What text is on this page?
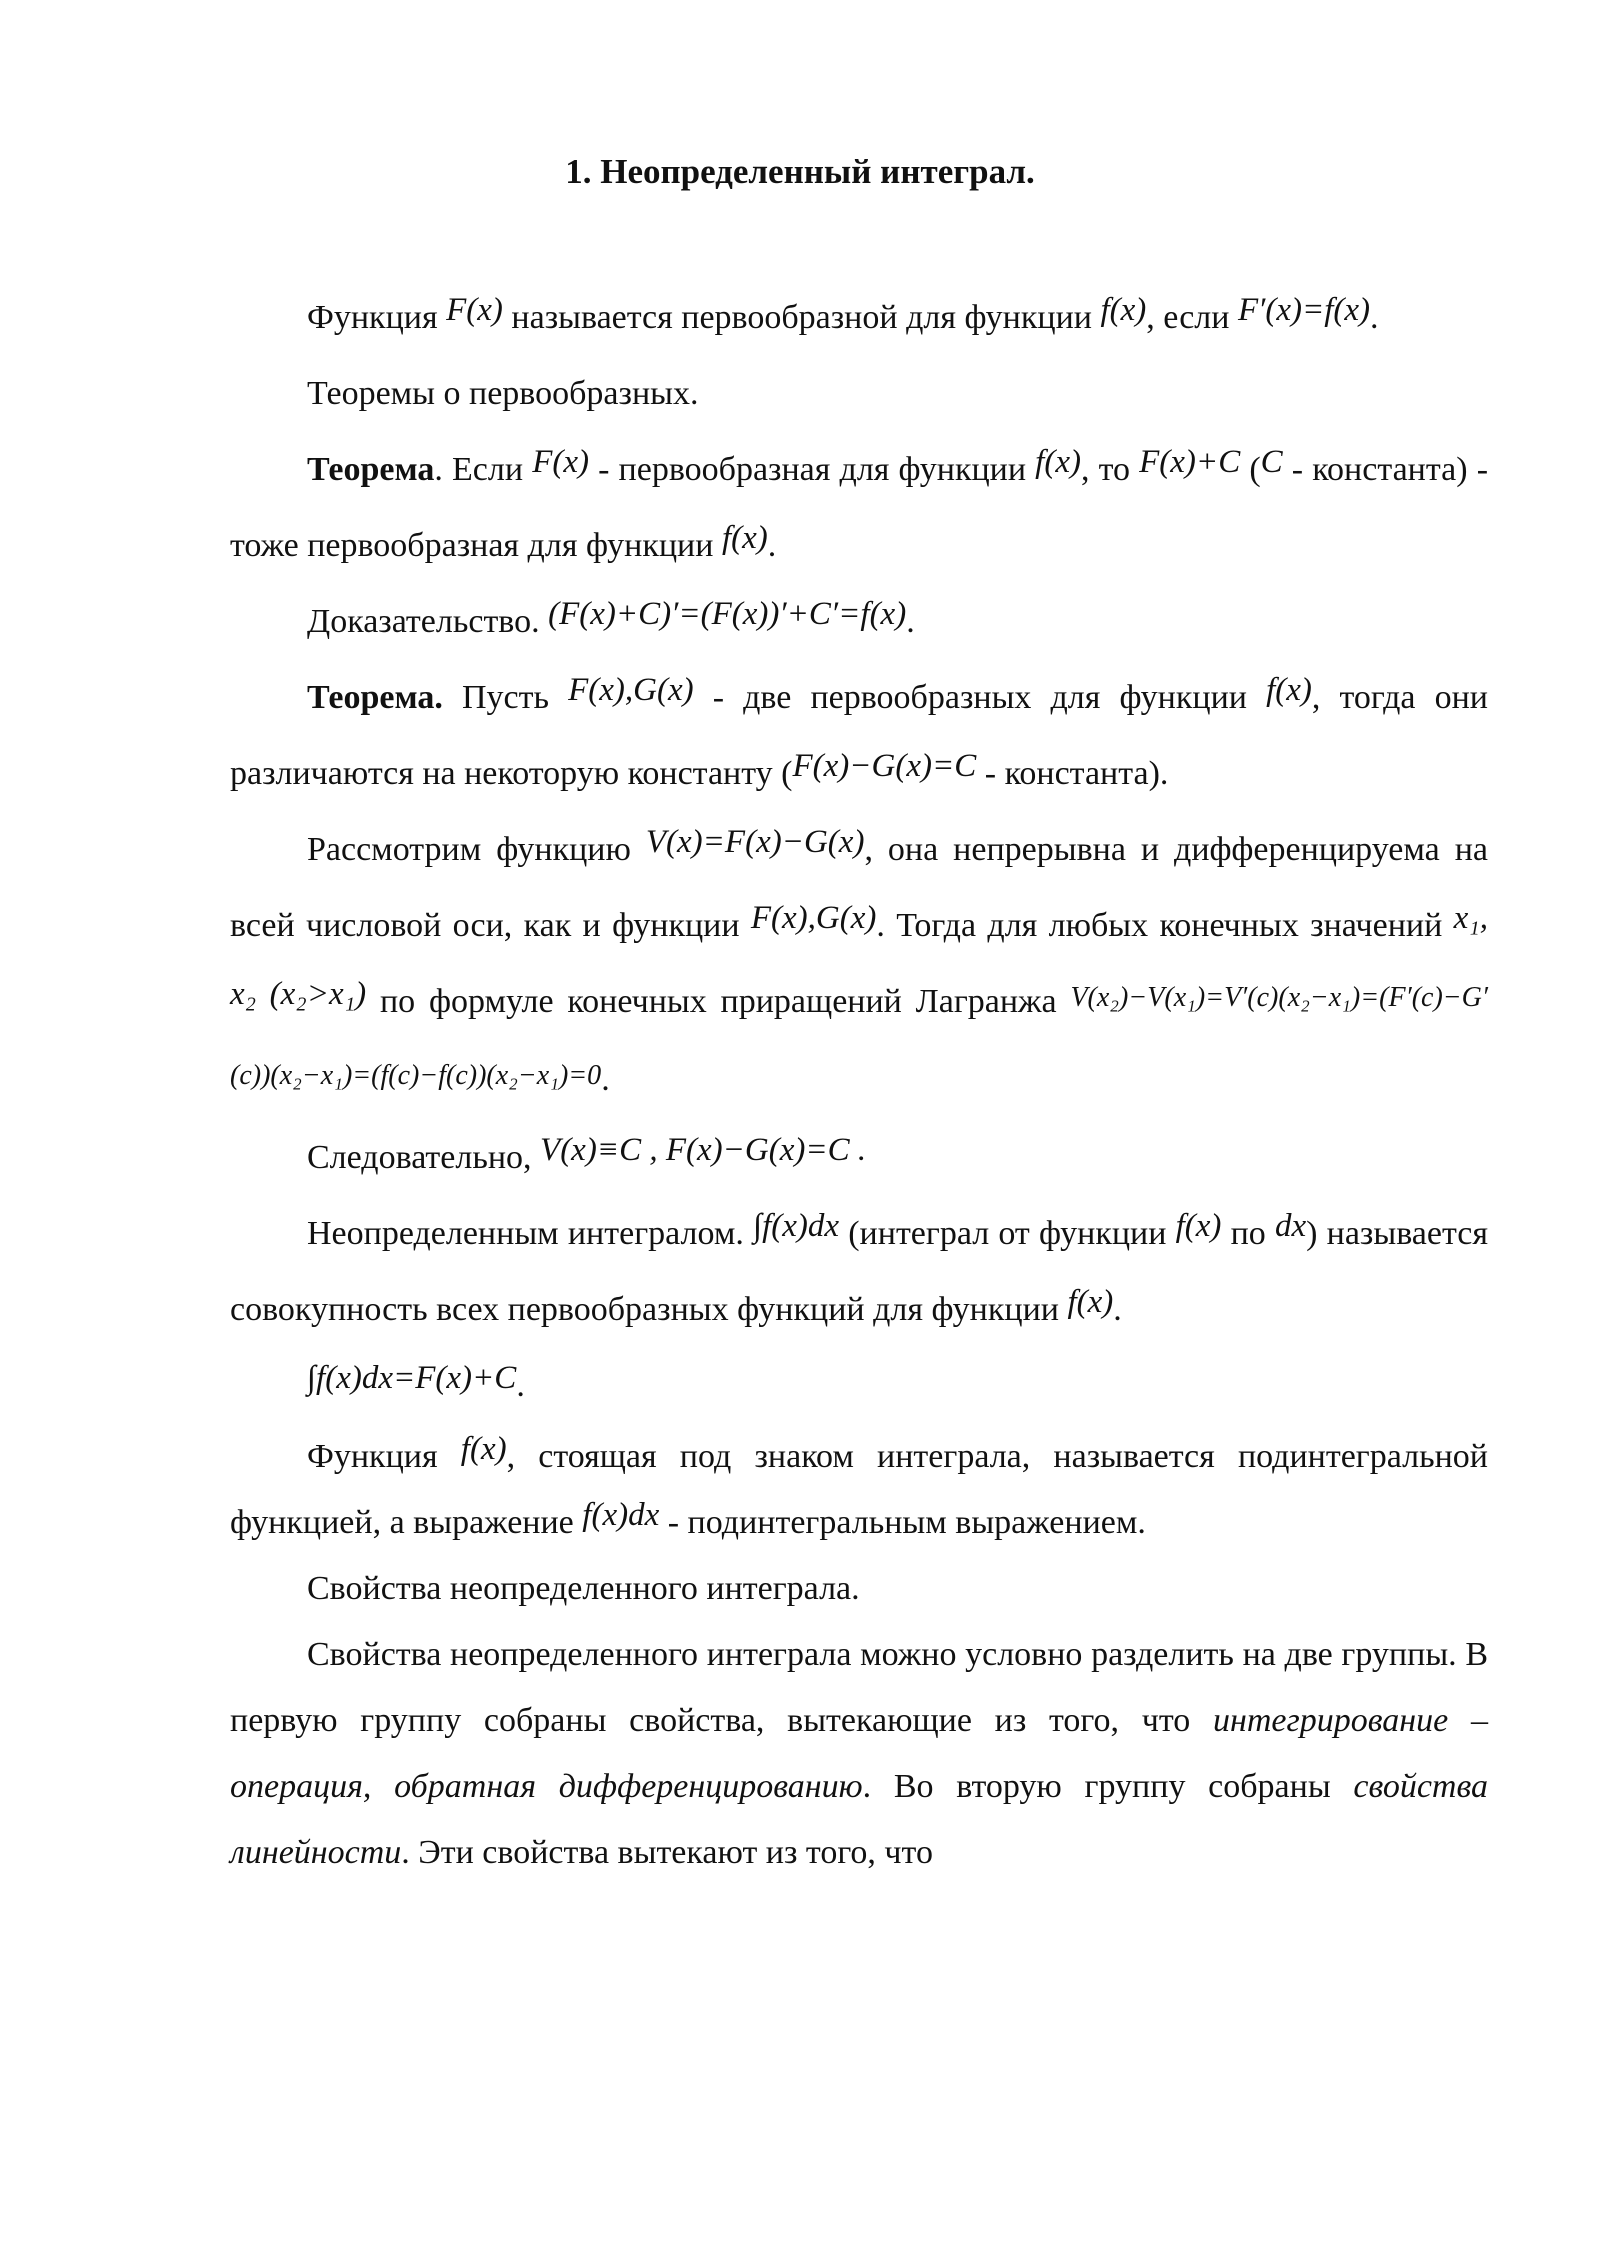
1. Неопределенный интеграл.

Функция F(x) называется первообразной для функции f(x), если F′(x)=f(x).

Теоремы о первообразных.

Теорема. Если F(x) - первообразная для функции f(x), то F(x)+C (C - константа) - тоже первообразная для функции f(x).

Доказательство. (F(x)+C)′=(F(x))′+C′=f(x).

Теорема. Пусть F(x),G(x) - две первообразных для функции f(x), тогда они различаются на некоторую константу (F(x)−G(x)=C - константа).

Рассмотрим функцию V(x)=F(x)−G(x), она непрерывна и дифференцируема на всей числовой оси, как и функции F(x),G(x). Тогда для любых конечных значений x₁, x₂ (x₂>x₁) по формуле конечных приращений Лагранжа V(x₂)−V(x₁)=V′(c)(x₂−x₁)=(F′(c)−G′(c))(x₂−x₁)=(f(c)−f(c))(x₂−x₁)=0.

Следовательно, V(x)≡C , F(x)−G(x)=C .

Неопределенным интегралом. ∫f(x)dx (интеграл от функции f(x) по dx) называется совокупность всех первообразных функций для функции f(x).

∫f(x)dx=F(x)+C.

Функция f(x), стоящая под знаком интеграла, называется подинтегральной функцией, а выражение f(x)dx - подинтегральным выражением.

Свойства неопределенного интеграла.

Свойства неопределенного интеграла можно условно разделить на две группы. В первую группу собраны свойства, вытекающие из того, что интегрирование – операция, обратная дифференцированию. Во вторую группу собраны свойства линейности. Эти свойства вытекают из того, что
